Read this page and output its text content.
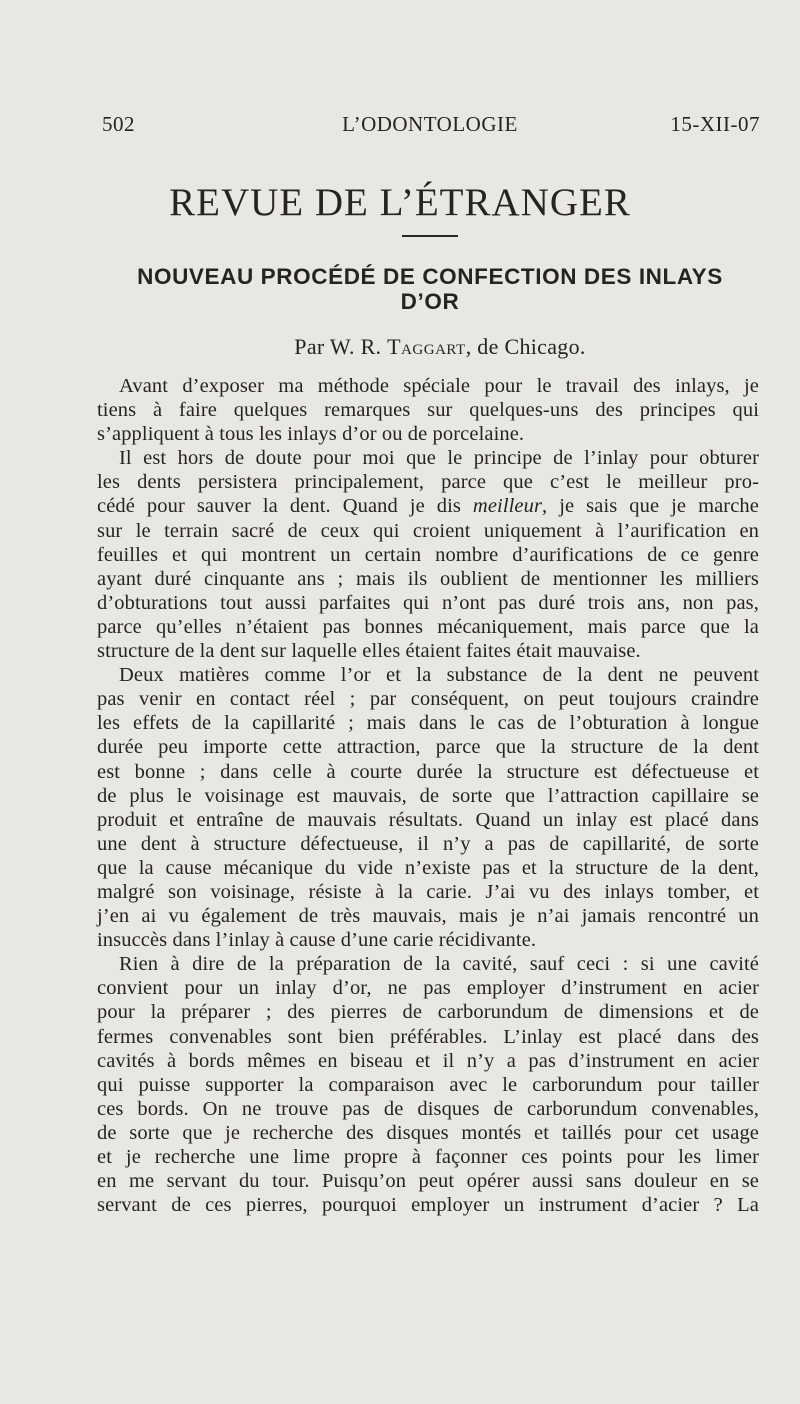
502	L’ODONTOLOGIE	15-XII-07
REVUE DE L’ÉTRANGER
NOUVEAU PROCÉDÉ DE CONFECTION DES INLAYS
D’OR
Par W. R. Taggart, de Chicago.
Avant d’exposer ma méthode spéciale pour le travail des inlays, je
tiens à faire quelques remarques sur quelques-uns des principes qui
s’appliquent à tous les inlays d’or ou de porcelaine.
Il est hors de doute pour moi que le principe de l’inlay pour obturer
les dents persistera principalement, parce que c’est le meilleur pro-
cédé pour sauver la dent. Quand je dis meilleur, je sais que je marche
sur le terrain sacré de ceux qui croient uniquement à l’aurification en
feuilles et qui montrent un certain nombre d’aurifications de ce genre
ayant duré cinquante ans ; mais ils oublient de mentionner les milliers
d’obturations tout aussi parfaites qui n’ont pas duré trois ans, non pas,
parce qu’elles n’étaient pas bonnes mécaniquement, mais parce que la
structure de la dent sur laquelle elles étaient faites était mauvaise.
Deux matières comme l’or et la substance de la dent ne peuvent
pas venir en contact réel ; par conséquent, on peut toujours craindre
les effets de la capillarité ; mais dans le cas de l’obturation à longue
durée peu importe cette attraction, parce que la structure de la dent
est bonne ; dans celle à courte durée la structure est défectueuse et
de plus le voisinage est mauvais, de sorte que l’attraction capillaire se
produit et entraîne de mauvais résultats. Quand un inlay est placé dans
une dent à structure défectueuse, il n’y a pas de capillarité, de sorte
que la cause mécanique du vide n’existe pas et la structure de la dent,
malgré son voisinage, résiste à la carie. J’ai vu des inlays tomber, et
j’en ai vu également de très mauvais, mais je n’ai jamais rencontré un
insuccès dans l’inlay à cause d’une carie récidivante.
Rien à dire de la préparation de la cavité, sauf ceci : si une cavité
convient pour un inlay d’or, ne pas employer d’instrument en acier
pour la préparer ; des pierres de carborundum de dimensions et de
fermes convenables sont bien préférables. L’inlay est placé dans des
cavités à bords mêmes en biseau et il n’y a pas d’instrument en acier
qui puisse supporter la comparaison avec le carborundum pour tailler
ces bords. On ne trouve pas de disques de carborundum convenables,
de sorte que je recherche des disques montés et taillés pour cet usage
et je recherche une lime propre à façonner ces points pour les limer
en me servant du tour. Puisqu’on peut opérer aussi sans douleur en se
servant de ces pierres, pourquoi employer un instrument d’acier ? La
